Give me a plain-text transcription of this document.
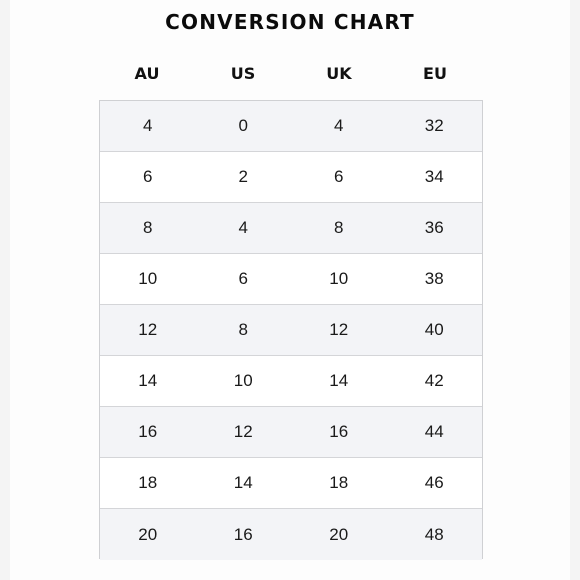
CONVERSION CHART
AU	US	UK	EU
4	0	4	32
6	2	6	34
8	4	8	36
10	6	10	38
12	8	12	40
14	10	14	42
16	12	16	44
18	14	18	46
20	16	20	48
